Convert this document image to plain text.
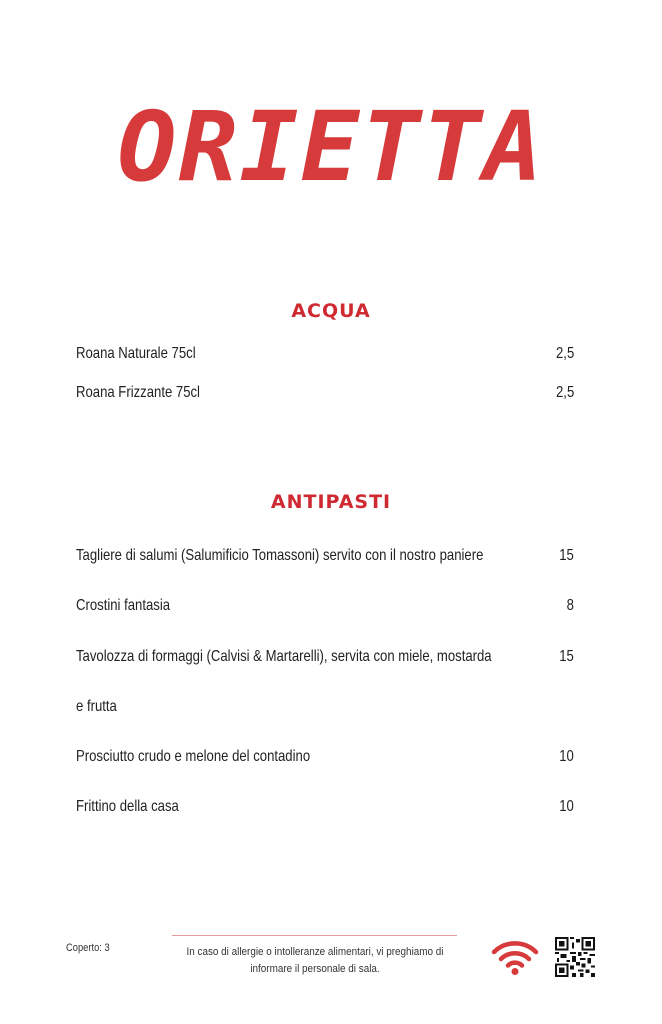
ORIETTA
ACQUA
Roana Naturale 75cl	2,5
Roana Frizzante 75cl	2,5
ANTIPASTI
Tagliere di salumi (Salumificio Tomassoni) servito con il nostro paniere	15
Crostini fantasia	8
Tavolozza di formaggi (Calvisi & Martarelli), servita con miele, mostarda	15
e frutta
Prosciutto crudo e melone del contadino	10
Frittino della casa	10
Coperto: 3	In caso di allergie o intolleranze alimentari, vi preghiamo di
informare il personale di sala.
